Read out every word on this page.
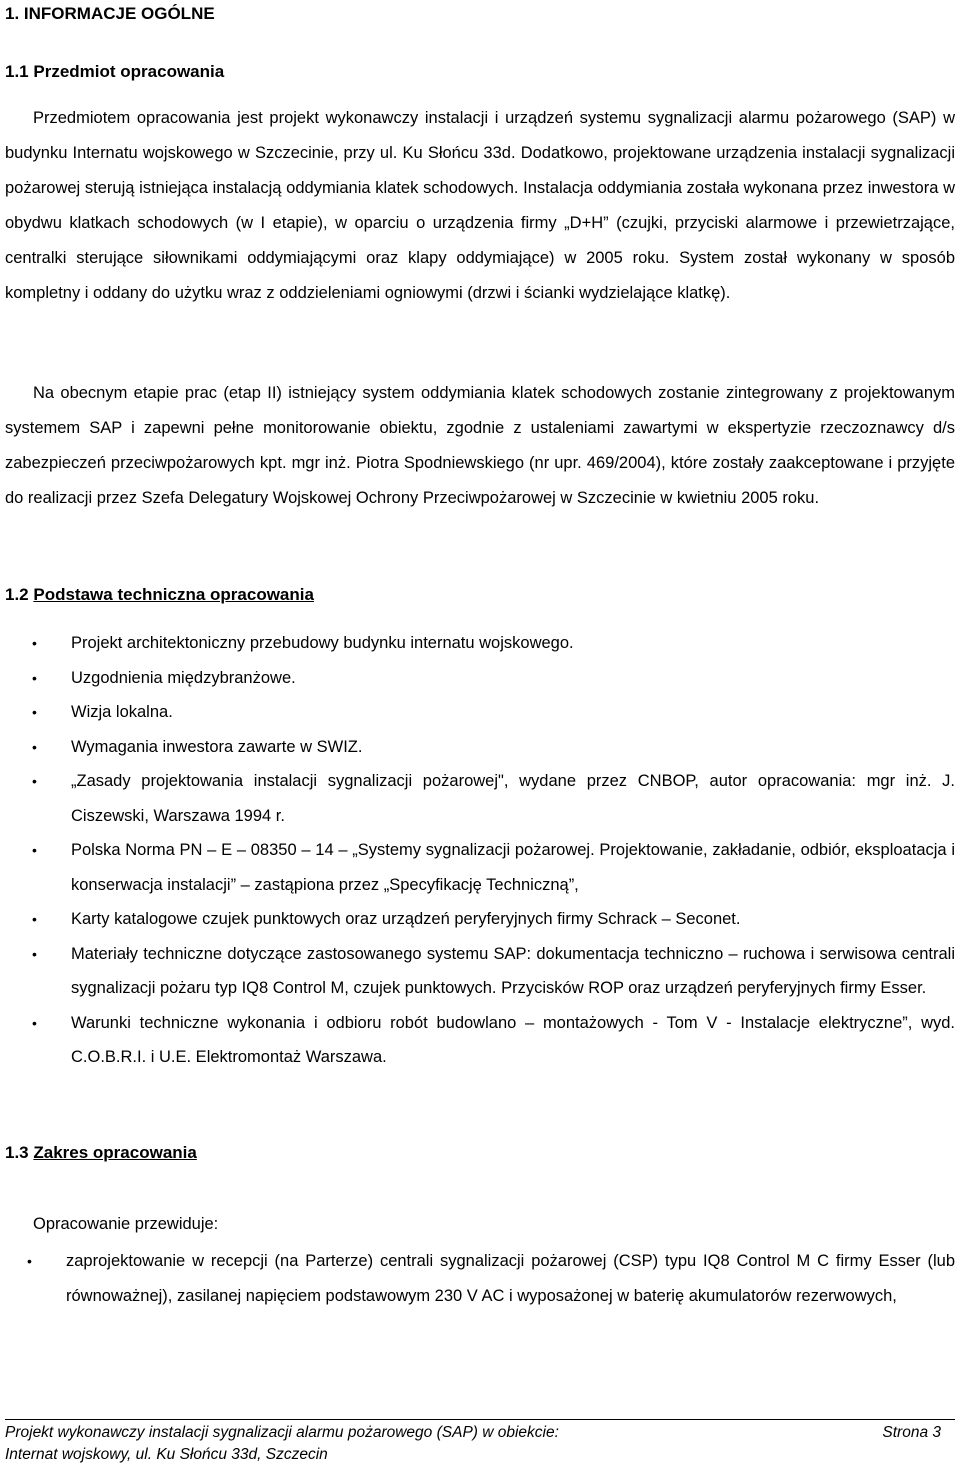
1. INFORMACJE OGÓLNE
1.1 Przedmiot opracowania

Przedmiotem opracowania jest projekt wykonawczy instalacji i urządzeń systemu sygnalizacji alarmu pożarowego (SAP) w budynku Internatu wojskowego w Szczecinie, przy ul. Ku Słońcu 33d. Dodatkowo, projektowane urządzenia instalacji sygnalizacji pożarowej sterują istniejąca instalacją oddymiania klatek schodowych. Instalacja oddymiania została wykonana przez inwestora w obydwu klatkach schodowych (w I etapie), w oparciu o urządzenia firmy „D+H” (czujki, przyciski alarmowe i przewietrzające, centralki sterujące siłownikami oddymiającymi oraz klapy oddymiające) w 2005 roku. System został wykonany w sposób kompletny i oddany do użytku wraz z oddzieleniami ogniowymi (drzwi i ścianki wydzielające klatkę).

Na obecnym etapie prac (etap II) istniejący system oddymiania klatek schodowych zostanie zintegrowany z projektowanym systemem SAP i zapewni pełne monitorowanie obiektu, zgodnie z ustaleniami zawartymi w ekspertyzie rzeczoznawcy d/s zabezpieczeń przeciwpożarowych kpt. mgr inż. Piotra Spodniewskiego (nr upr. 469/2004), które zostały zaakceptowane i przyjęte do realizacji przez Szefa Delegatury Wojskowej Ochrony Przeciwpożarowej w Szczecinie w kwietniu 2005 roku.

1.2 Podstawa techniczna opracowania
• Projekt architektoniczny przebudowy budynku internatu wojskowego.
• Uzgodnienia międzybranżowe.
• Wizja lokalna.
• Wymagania inwestora zawarte w SWIZ.
• „Zasady projektowania instalacji sygnalizacji pożarowej", wydane przez CNBOP, autor opracowania: mgr inż. J. Ciszewski, Warszawa 1994 r.
• Polska Norma PN – E – 08350 – 14 – „Systemy sygnalizacji pożarowej. Projektowanie, zakładanie, odbiór, eksploatacja i konserwacja instalacji” – zastąpiona przez „Specyfikację Techniczną”,
• Karty katalogowe czujek punktowych oraz urządzeń peryferyjnych firmy Schrack – Seconet.
• Materiały techniczne dotyczące zastosowanego systemu SAP: dokumentacja techniczno – ruchowa i serwisowa centrali sygnalizacji pożaru typ IQ8 Control M, czujek punktowych. Przycisków ROP oraz urządzeń peryferyjnych firmy Esser.
• Warunki techniczne wykonania i odbioru robót budowlano – montażowych - Tom V - Instalacje elektryczne”, wyd. C.O.B.R.I. i U.E. Elektromontaż Warszawa.
1.3 Zakres opracowania

Opracowanie przewiduje:

• zaprojektowanie w recepcji (na Parterze) centrali sygnalizacji pożarowej (CSP) typu IQ8 Control M C firmy Esser (lub równoważnej), zasilanej napięciem podstawowym 230 V AC i wyposażonej w baterię akumulatorów rezerwowych,
Projekt wykonawczy instalacji sygnalizacji alarmu pożarowego (SAP) w obiekcie:
Internat wojskowy, ul. Ku Słońcu 33d, Szczecin
Strona 3
